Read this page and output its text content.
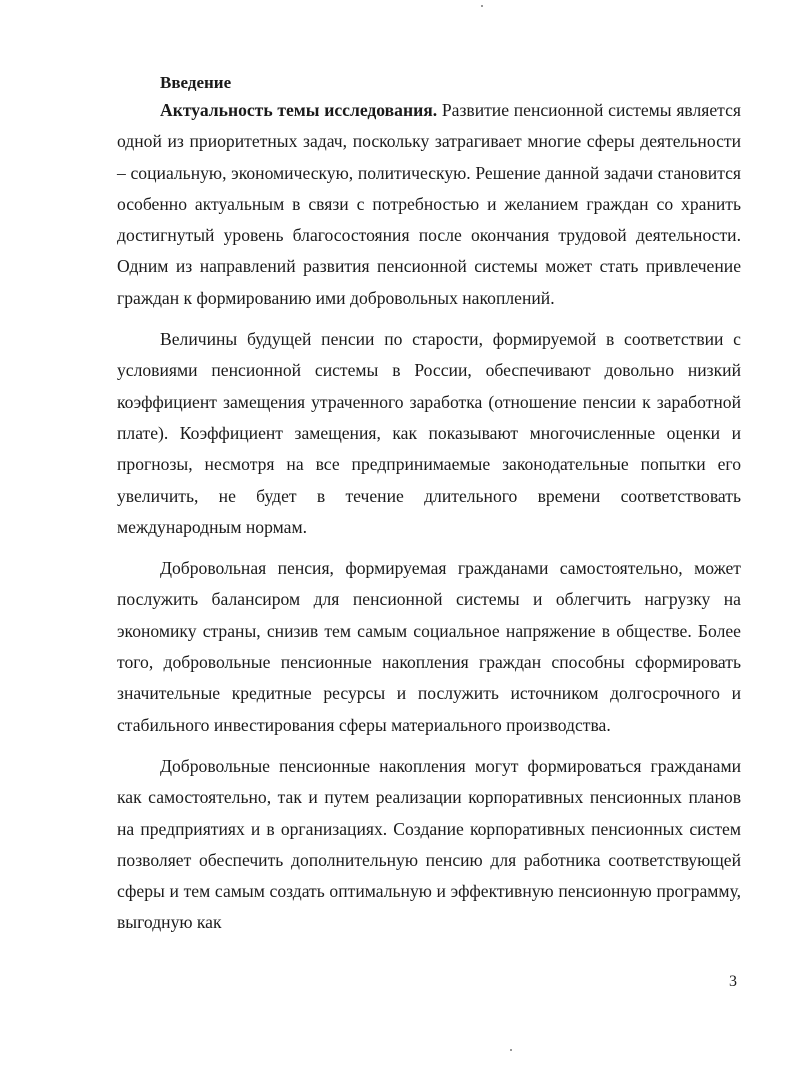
Введение

Актуальность темы исследования. Развитие пенсионной системы является одной из приоритетных задач, поскольку затрагивает многие сферы деятельности – социальную, экономическую, политическую. Решение данной задачи становится особенно актуальным в связи с потребностью и желанием граждан со хранить достигнутый уровень благосостояния после окончания трудовой деятельности. Одним из направлений развития пенсионной системы может стать привлечение граждан к формированию ими добровольных накоплений.

Величины будущей пенсии по старости, формируемой в соответствии с условиями пенсионной системы в России, обеспечивают довольно низкий коэффициент замещения утраченного заработка (отношение пенсии к заработной плате). Коэффициент замещения, как показывают многочисленные оценки и прогнозы, несмотря на все предпринимаемые законодательные попытки его увеличить, не будет в течение длительного времени соответствовать международным нормам.

Добровольная пенсия, формируемая гражданами самостоятельно, может послужить балансиром для пенсионной системы и облегчить нагрузку на экономику страны, снизив тем самым социальное напряжение в обществе. Более того, добровольные пенсионные накопления граждан способны сформировать значительные кредитные ресурсы и послужить источником долгосрочного и стабильного инвестирования сферы материального производства.

Добровольные пенсионные накопления могут формироваться гражданами как самостоятельно, так и путем реализации корпоративных пенсионных планов на предприятиях и в организациях. Создание корпоративных пенсионных систем позволяет обеспечить дополнительную пенсию для работника соответствующей сферы и тем самым создать оптимальную и эффективную пенсионную программу, выгодную как

3
